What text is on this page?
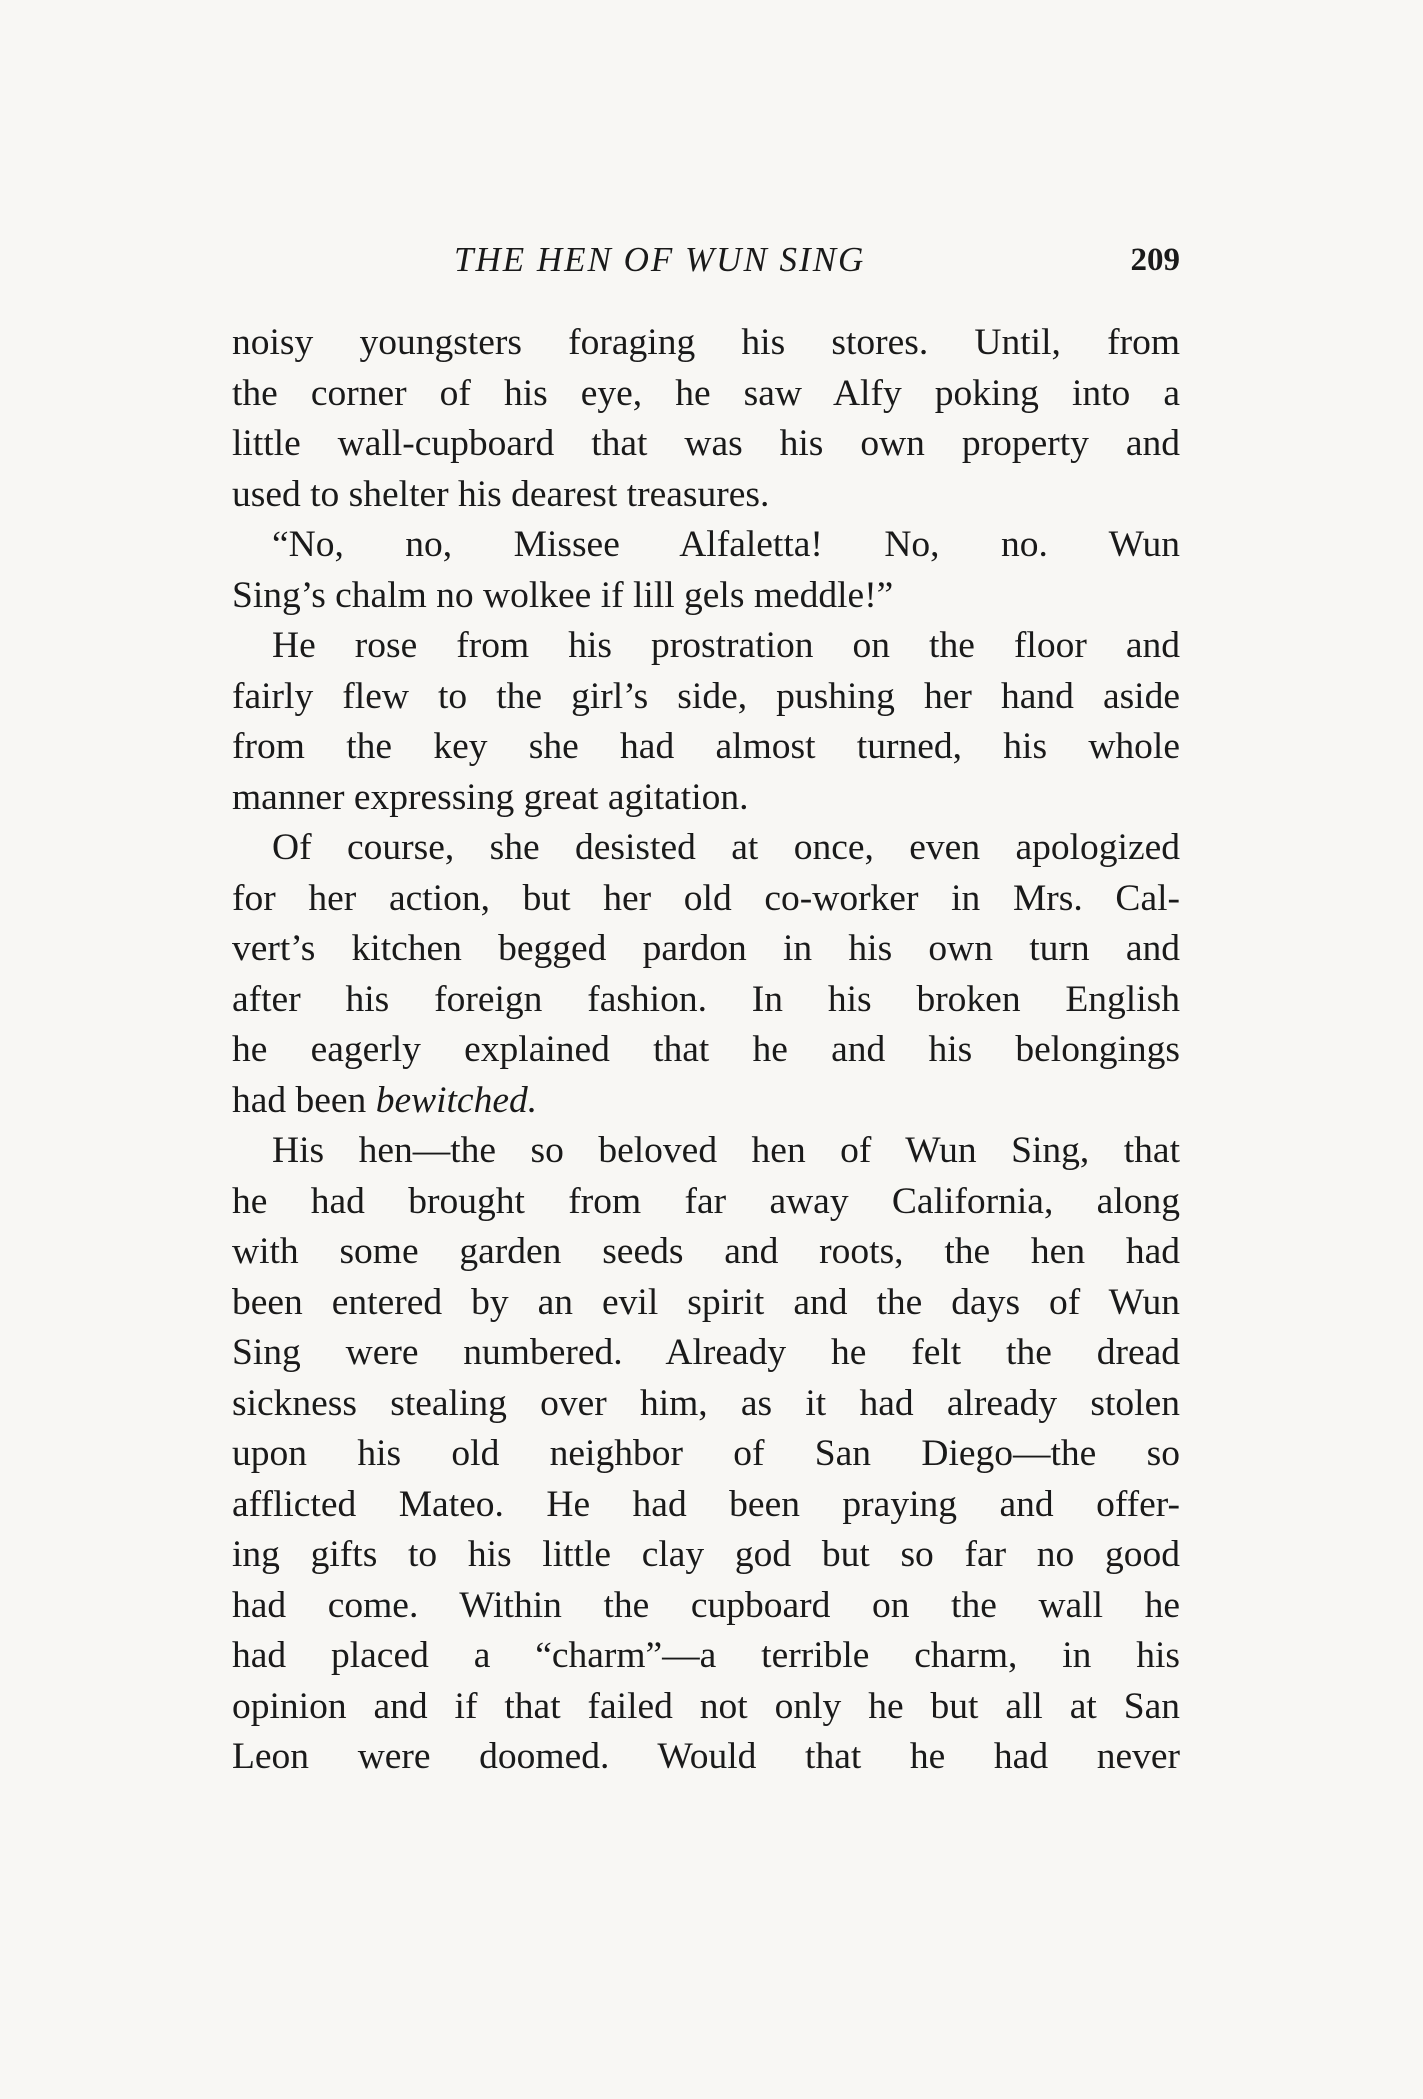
THE HEN OF WUN SING	209

noisy youngsters foraging his stores. Until, from
the corner of his eye, he saw Alfy poking into a
little wall-cupboard that was his own property and
used to shelter his dearest treasures.

“No, no, Missee Alfaletta! No, no. Wun
Sing’s chalm no wolkee if lill gels meddle!”

He rose from his prostration on the floor and
fairly flew to the girl’s side, pushing her hand aside
from the key she had almost turned, his whole
manner expressing great agitation.

Of course, she desisted at once, even apologized
for her action, but her old co-worker in Mrs. Cal-
vert’s kitchen begged pardon in his own turn and
after his foreign fashion. In his broken English
he eagerly explained that he and his belongings
had been bewitched.

His hen—the so beloved hen of Wun Sing, that
he had brought from far away California, along
with some garden seeds and roots, the hen had
been entered by an evil spirit and the days of Wun
Sing were numbered. Already he felt the dread
sickness stealing over him, as it had already stolen
upon his old neighbor of San Diego—the so
afflicted Mateo. He had been praying and offer-
ing gifts to his little clay god but so far no good
had come. Within the cupboard on the wall he
had placed a “charm”—a terrible charm, in his
opinion and if that failed not only he but all at San
Leon were doomed. Would that he had never
